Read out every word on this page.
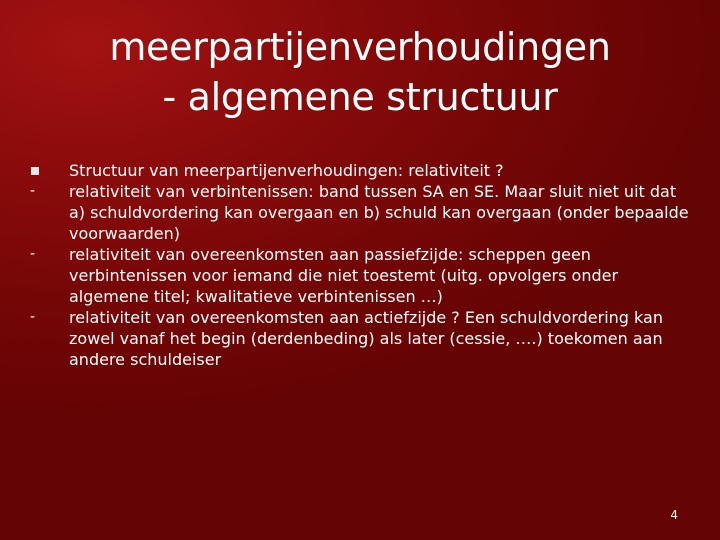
meerpartijenverhoudingen
- algemene structuur
Structuur van meerpartijenverhoudingen: relativiteit ?
- relativiteit van verbintenissen: band tussen SA en SE. Maar sluit niet uit dat a) schuldvordering kan overgaan en b) schuld kan overgaan (onder bepaalde voorwaarden)
- relativiteit van overeenkomsten aan passiefzijde: scheppen geen verbintenissen voor iemand die niet toestemt (uitg. opvolgers onder algemene titel; kwalitatieve verbintenissen …)
- relativiteit van overeenkomsten aan actiefzijde ? Een schuldvordering kan zowel vanaf het begin (derdenbeding) als later (cessie, ….) toekomen aan andere schuldeiser
4
